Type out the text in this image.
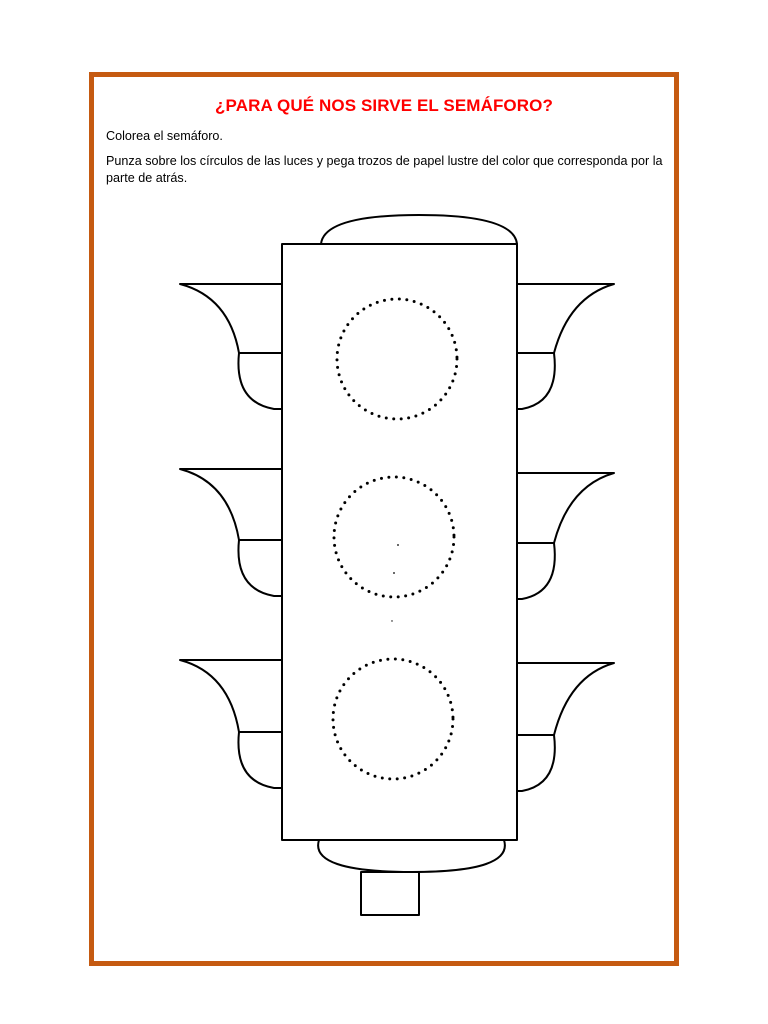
¿PARA QUÉ NOS SIRVE EL SEMÁFORO?

Colorea el semáforo.

Punza sobre los círculos de las luces y pega trozos de papel lustre del color que corresponda por la parte de atrás.
